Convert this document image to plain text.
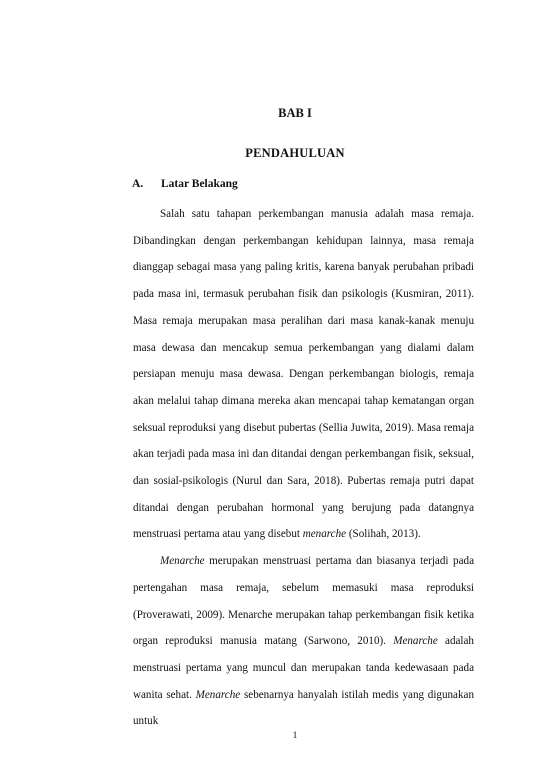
BAB I
PENDAHULUAN
A. Latar Belakang

Salah satu tahapan perkembangan manusia adalah masa remaja. Dibandingkan dengan perkembangan kehidupan lainnya, masa remaja dianggap sebagai masa yang paling kritis, karena banyak perubahan pribadi pada masa ini, termasuk perubahan fisik dan psikologis (Kusmiran, 2011). Masa remaja merupakan masa peralihan dari masa kanak-kanak menuju masa dewasa dan mencakup semua perkembangan yang dialami dalam persiapan menuju masa dewasa. Dengan perkembangan biologis, remaja akan melalui tahap dimana mereka akan mencapai tahap kematangan organ seksual reproduksi yang disebut pubertas (Sellia Juwita, 2019). Masa remaja akan terjadi pada masa ini dan ditandai dengan perkembangan fisik, seksual, dan sosial-psikologis (Nurul dan Sara, 2018). Pubertas remaja putri dapat ditandai dengan perubahan hormonal yang berujung pada datangnya menstruasi pertama atau yang disebut menarche (Solihah, 2013).

Menarche merupakan menstruasi pertama dan biasanya terjadi pada pertengahan masa remaja, sebelum memasuki masa reproduksi (Proverawati, 2009). Menarche merupakan tahap perkembangan fisik ketika organ reproduksi manusia matang (Sarwono, 2010). Menarche adalah menstruasi pertama yang muncul dan merupakan tanda kedewasaan pada wanita sehat. Menarche sebenarnya hanyalah istilah medis yang digunakan untuk

1
